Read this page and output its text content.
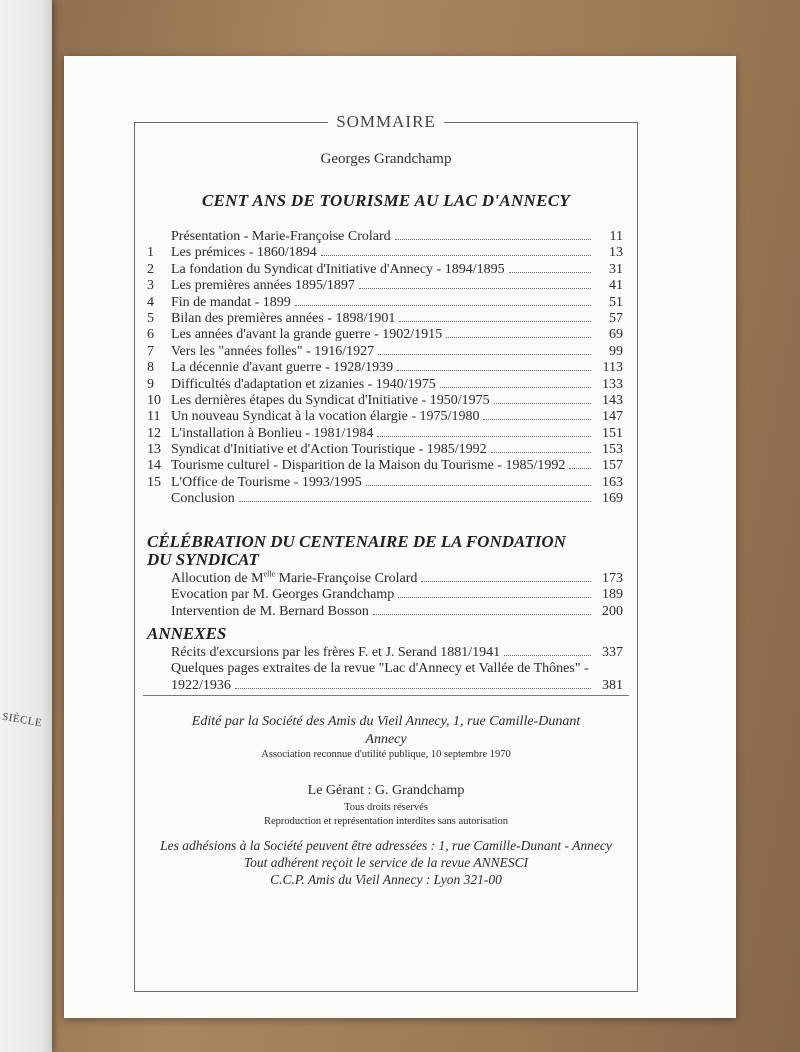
SIÈCLE
SOMMAIRE
Georges Grandchamp
CENT ANS DE TOURISME AU LAC D'ANNECY
Présentation - Marie-Françoise Crolard	11
1	Les prémices - 1860/1894	13
2	La fondation du Syndicat d'Initiative d'Annecy - 1894/1895	31
3	Les premières années 1895/1897	41
4	Fin de mandat - 1899	51
5	Bilan des premières années - 1898/1901	57
6	Les années d'avant la grande guerre - 1902/1915	69
7	Vers les "années folles" - 1916/1927	99
8	La décennie d'avant guerre - 1928/1939	113
9	Difficultés d'adaptation et zizanies - 1940/1975	133
10 Les dernières étapes du Syndicat d'Initiative - 1950/1975	143
11 Un nouveau Syndicat à la vocation élargie - 1975/1980	147
12 L'installation à Bonlieu - 1981/1984	151
13 Syndicat d'Initiative et d'Action Touristique - 1985/1992	153
14 Tourisme culturel - Disparition de la Maison du Tourisme - 1985/1992	157
15 L'Office de Tourisme - 1993/1995	163
Conclusion	169
CÉLÉBRATION DU CENTENAIRE DE LA FONDATION
DU SYNDICAT
Allocution de $M^{elle}$ Marie-Françoise Crolard	173
Evocation par M. Georges Grandchamp	189
Intervention de M. Bernard Bosson	200
ANNEXES
Récits d'excursions par les frères F. et J. Serand 1881/1941	337
Quelques pages extraites de la revue "Lac d'Annecy et Vallée de Thônes" -
1922/1936	381
Edité par la Société des Amis du Vieil Annecy, 1, rue Camille-Dunant
Annecy
Association reconnue d'utilité publique, 10 septembre 1970
Le Gérant : G. Grandchamp
Tous droits réservés
Reproduction et représentation interdites sans autorisation
Les adhésions à la Société peuvent être adressées : 1, rue Camille-Dunant - Annecy
Tout adhérent reçoit le service de la revue ANNESCI
C.C.P. Amis du Vieil Annecy : Lyon 321-00
